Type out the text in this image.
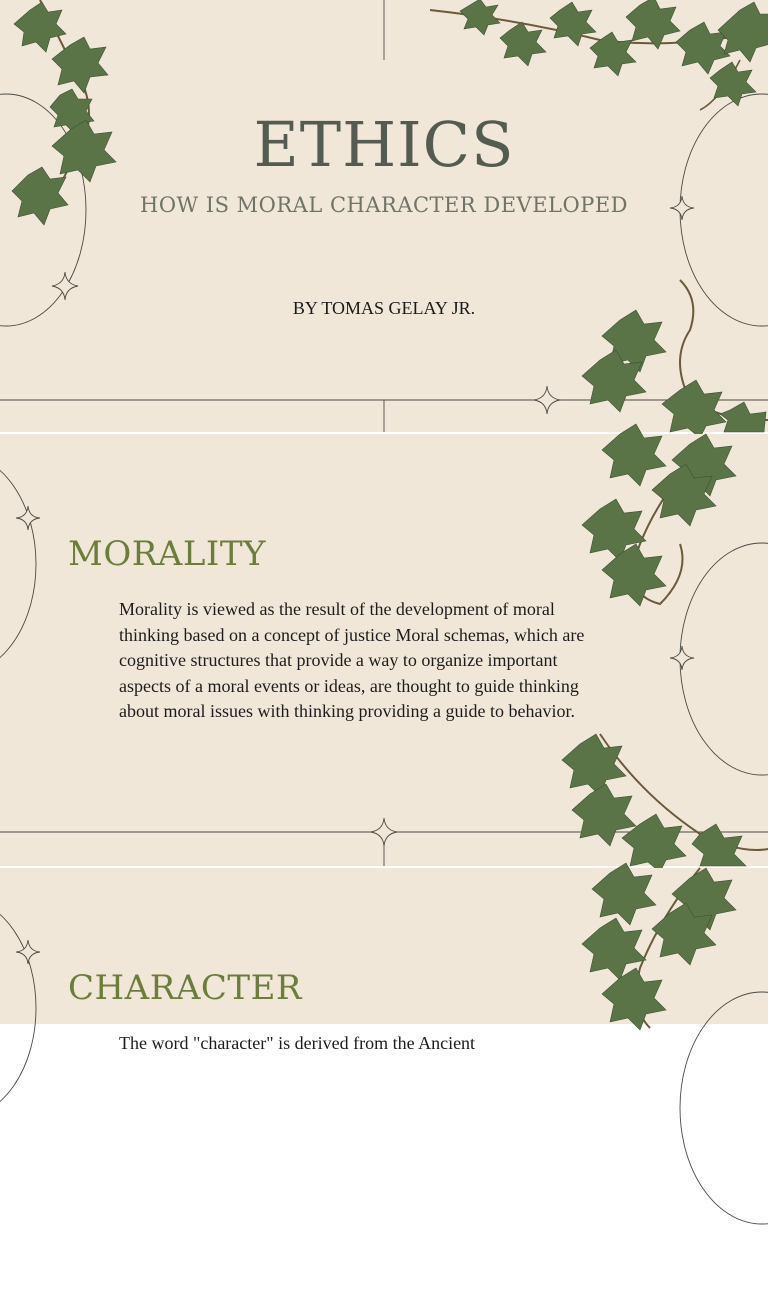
ETHICS
HOW IS MORAL CHARACTER DEVELOPED
BY TOMAS GELAY JR.
MORALITY

Morality is viewed as the result of the development of moral thinking based on a concept of justice Moral schemas, which are cognitive structures that provide a way to organize important aspects of a moral events or ideas, are thought to guide thinking about moral issues with thinking providing a guide to behavior.

CHARACTER

The word "character" is derived from the Ancient
